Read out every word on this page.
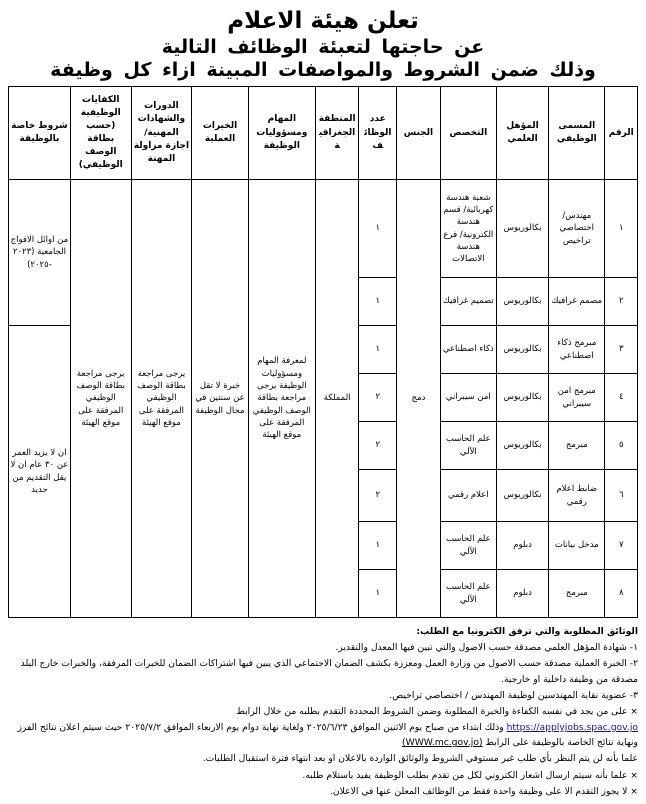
تعلن هيئة الاعلام
عن حاجتها لتعبئة الوظائف التالية
وذلك ضمن الشروط والمواصفات المبينة ازاء كل وظيفة
الرقم	المسمى الوظيفي	المؤهل العلمي	التخصص	الجنس	عدد الوظائف	المنطقة الجغرافية	المهام ومسؤوليات الوظيفة	الخبرات العملية	الدورات والشهادات المهنية/ اجازة مزاولة المهنة	الكفايات الوظيفية (حسب بطاقة الوصف الوظيفي)	شروط خاصة بالوظيفة
١	مهندس/ اختصاصي تراخيص	بكالوريوس	شعبة هندسة كهربائية/ قسم هندسة الكترونية/ فرع هندسة الاتصالات	دمج	١	المملكة	لمعرفة المهام ومسؤوليات الوظيفة يرجى مراجعة بطاقة الوصف الوظيفي المرفقة على موقع الهيئة	خبرة لا تقل عن سنتين في مجال الوظيفة	يرجى مراجعة بطاقة الوصف الوظيفي المرفقة على موقع الهيئة	يرجى مراجعة بطاقة الوصف الوظيفي المرفقة على موقع الهيئة	من اوائل الافواج الجامعية (٢٠٢٣ -٢٠٢٥)
٢	مصمم غرافيك	بكالوريوس	تصميم غرافيك		١						
٣	مبرمج ذكاء اصطناعي	بكالوريوس	ذكاء اصطناعي		١						ان لا يزيد العمر عن ٣٠ عام ان لا يقل التقديم من جديد
٤	مبرمج امن سيبراني	بكالوريوس	امن سيبراني		٢						
٥	مبرمج	بكالوريوس	علم الحاسب الآلي		٢						
٦	ضابط اعلام رقمي	بكالوريوس	اعلام رقمي		٢						
٧	مدخل بيانات	دبلوم	علم الحاسب الآلي		١						
٨	مبرمج	دبلوم	علم الحاسب الآلي		١						
الوثائق المطلوبة والتي ترفق الكترونيا مع الطلب:
١- شهادة المؤهل العلمي مصدقة حسب الاصول والتي تبين فيها المعدل والتقدير.
٢- الخبرة العملية مصدقة حسب الاصول من وزارة العمل ومعززة بكشف الضمان الاجتماعي الذي يبين فيها اشتراكات الضمان للخبرات المرفقة، والخبرات خارج البلد مصدقة من وظيفة داخلية او خارجية.
٣- عضوية نقابة المهندسين لوظيفة المهندس / اختصاصي تراخيص.
× على من يجد في نفسه الكفاءة والخبرة المطلوبة وضمن الشروط المحددة التقدم بطلبه من خلال الرابط
https://applyjobs.spac.gov.jo وذلك ابتداء من صباح يوم الاثنين الموافق ٢٠٢٥/٦/٢٣ ولغاية نهاية دوام يوم الاربعاء الموافق ٢٠٢٥/٧/٢ حيث سيتم اعلان نتائج الفرز ونهاية نتائج الخاصة بالوظيفة على الرابط (WWW.mc.gov.jo)
علما بأنه لن يتم النظر بأي طلب غير مستوفي الشروط والوثائق الواردة بالاعلان او بعد انتهاء فترة استقبال الطلبات.
× علما بأنه سيتم ارسال اشعار الكتروني لكل من تقدم بطلب الوظيفة يفيد باستلام طلبه.
× لا يجوز التقدم الا على وظيفة واحدة فقط من الوظائف المعلن عنها في الاعلان.
